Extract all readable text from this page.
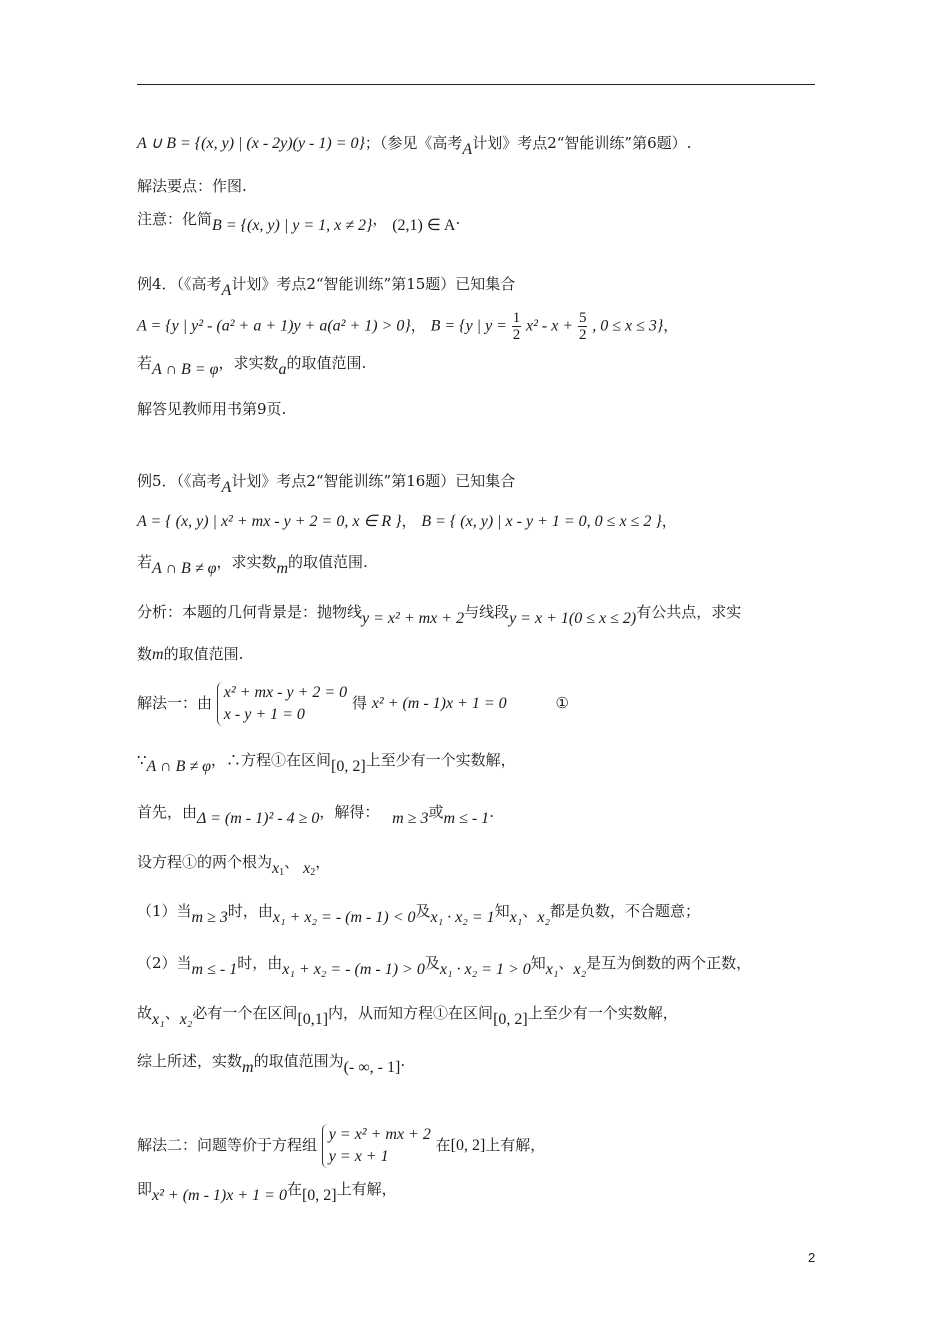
A ∪ B = {(x, y) | (x - 2y)(y - 1) = 0}；（参见《高考A计划》考点2“智能训练”第6题）.
解法要点：作图.
注意：化简B = {(x, y) | y = 1, x ≠ 2}， (2,1) ∈ A.
例4．（《高考A计划》考点2“智能训练”第15题）已知集合
A = {y | y² - (a² + a + 1)y + a(a² + 1) > 0}， B = {y | $y = \frac{1}{2} x^2 - x + \frac{5}{2}$ , 0 ≤ x ≤ 3}，
若A ∩ B = φ，求实数a的取值范围.
解答见教师用书第9页.
例5．（《高考A计划》考点2“智能训练”第16题）已知集合
A = { (x, y) | x² + mx - y + 2 = 0, x ∈ R }， B = { (x, y) | x - y + 1 = 0, 0 ≤ x ≤ 2 }，
若A ∩ B ≠ φ，求实数m的取值范围.
分析：本题的几何背景是：抛物线y = x² + mx + 2与线段y = x + 1(0 ≤ x ≤ 2)有公共点，求实
数m的取值范围.
解法一：由
x² + mx - y + 2 = 0
x - y + 1 = 0
得 x² + (m - 1)x + 1 = 0	①
∵A ∩ B ≠ φ，∴方程①在区间[0, 2]上至少有一个实数解，
首先，由Δ = (m - 1)² - 4 ≥ 0，解得： m ≥ 3或m ≤ - 1.
设方程①的两个根为$x_1$、 $x_2$，
（1）当m ≥ 3时，由x₁ + x₂ = - (m - 1) < 0及x₁ · x₂ = 1知x₁、x₂都是负数，不合题意；
（2）当m ≤ - 1时，由x₁ + x₂ = - (m - 1) > 0及x₁ · x₂ = 1 > 0知x₁、x₂是互为倒数的两个正数，
故x₁、x₂必有一个在区间[0,1]内，从而知方程①在区间[0, 2]上至少有一个实数解，
综上所述，实数m的取值范围为(- ∞, - 1].
解法二：问题等价于方程组
y = x² + mx + 2
y = x + 1
在[0, 2]上有解，
即x² + (m - 1)x + 1 = 0在[0, 2]上有解，
2
